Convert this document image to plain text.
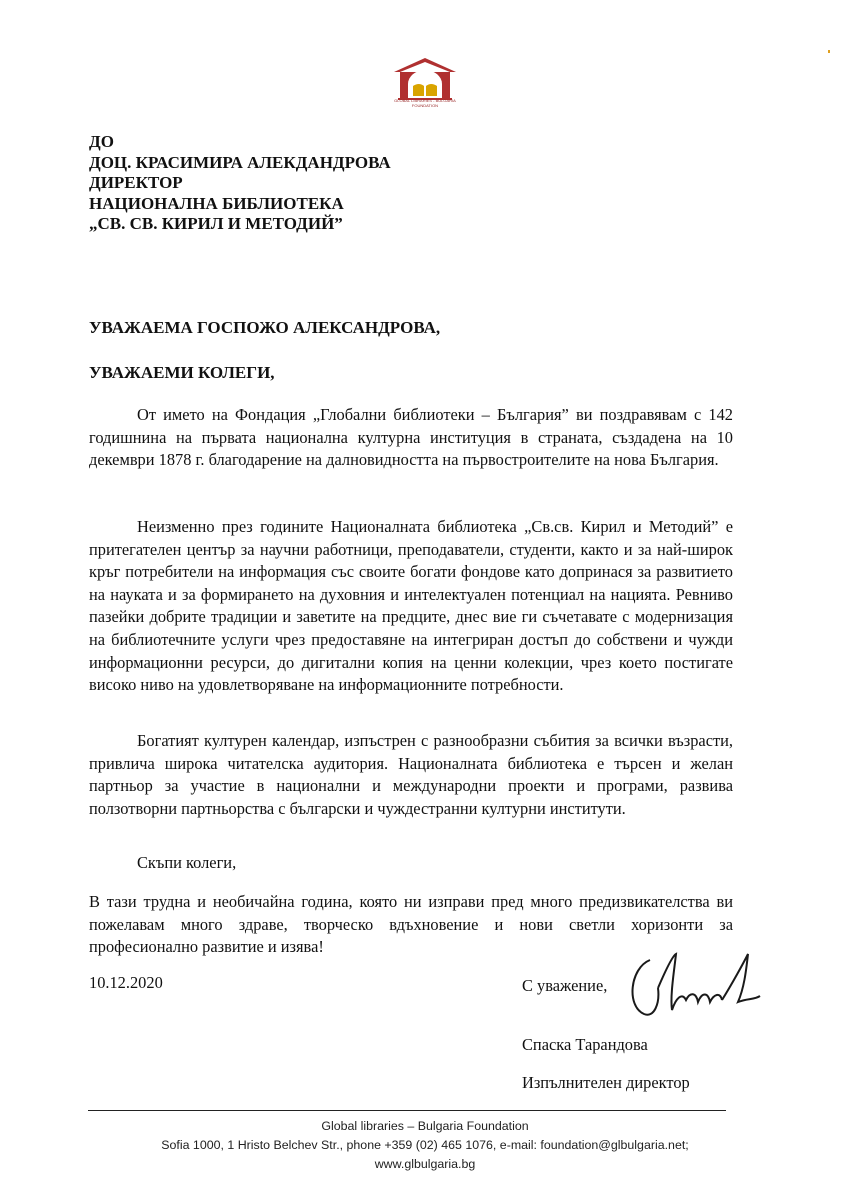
GLOBAL LIBRARIES - BULGARIA FOUNDATION
ДО
ДОЦ. КРАСИМИРА АЛЕКДАНДРОВА
ДИРЕКТОР
НАЦИОНАЛНА БИБЛИОТЕКА
„СВ. СВ. КИРИЛ И МЕТОДИЙ”
УВАЖАЕМА ГОСПОЖО АЛЕКСАНДРОВА,
УВАЖАЕМИ КОЛЕГИ,
От името на Фондация „Глобални библиотеки – България” ви поздравявам с 142 годишнина на първата национална културна институция в страната, създадена на 10 декември 1878 г. благодарение на далновидността на първостроителите на нова България.
Неизменно през годините Националната библиотека „Св.св. Кирил и Методий” е притегателен център за научни работници, преподаватели, студенти, както и за най-широк кръг потребители на информация със своите богати фондове като допринася за развитието на науката и за формирането на духовния и интелектуален потенциал на нацията. Ревниво пазейки добрите традиции и заветите на предците, днес вие ги съчетавате с модернизация на библиотечните услуги чрез предоставяне на интегриран достъп до собствени и чужди информационни ресурси, до дигитални копия на ценни колекции, чрез което постигате високо ниво на удовлетворяване на информационните потребности.
Богатият културен календар, изпъстрен с разнообразни събития за всички възрасти, привлича широка читателска аудитория. Националната библиотека е търсен и желан партньор за участие в национални и международни проекти и програми, развива ползотворни партньорства с български и чуждестранни културни институти.
Скъпи колеги,
В тази трудна и необичайна година, която ни изправи пред много предизвикателства ви пожелавам много здраве, творческо вдъхновение и нови светли хоризонти за професионално развитие и изява!
10.12.2020	С уважение,
Спаска Тарандова
Изпълнителен директор
Global libraries – Bulgaria Foundation
Sofia 1000, 1 Hristo Belchev Str., phone +359 (02) 465 1076, e-mail: foundation@glbulgaria.net;
www.glbulgaria.bg
